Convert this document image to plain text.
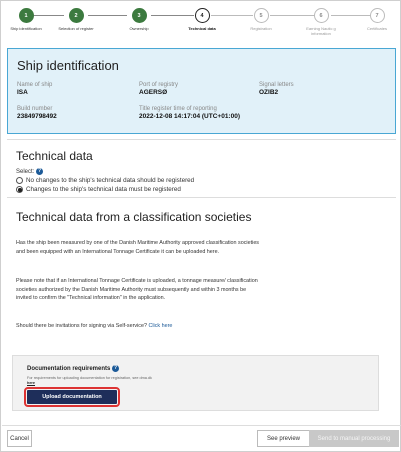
1
Ship identification
2
Selection of register
3
Ownership
4
Technical data
5
Registration
6
Earning Nautic g information
7
Certificates
Ship identification
Name of ship
ISA
Port of registry
AGERSØ
Signal letters
OZIB2
Build number
23849798492
Title register time of reporting
2022-12-08 14:17:04 (UTC+01:00)
Technical data
Select: ?
No changes to the ship's technical data should be registered
Changes to the ship's technical data must be registered
Technical data from a classification societies

Has the ship been measured by one of the Danish Maritime Authority approved classification societies and been equipped with an International Tonnage Certificate it can be uploaded here.

Please note that if an International Tonnage Certificate is uploaded, a tonnage measure/ classification societies authorized by the Danish Maritime Authority must subsequently and within 3 months be invited to confirm the "Technical information" in the application.

Should there be invitations for signing via Self-service? Click here

Documentation requirements ?
For requirements for uploading documentation for registration, see dma.dk
here
Upload documentation
Cancel	See preview	Send to manual processing
